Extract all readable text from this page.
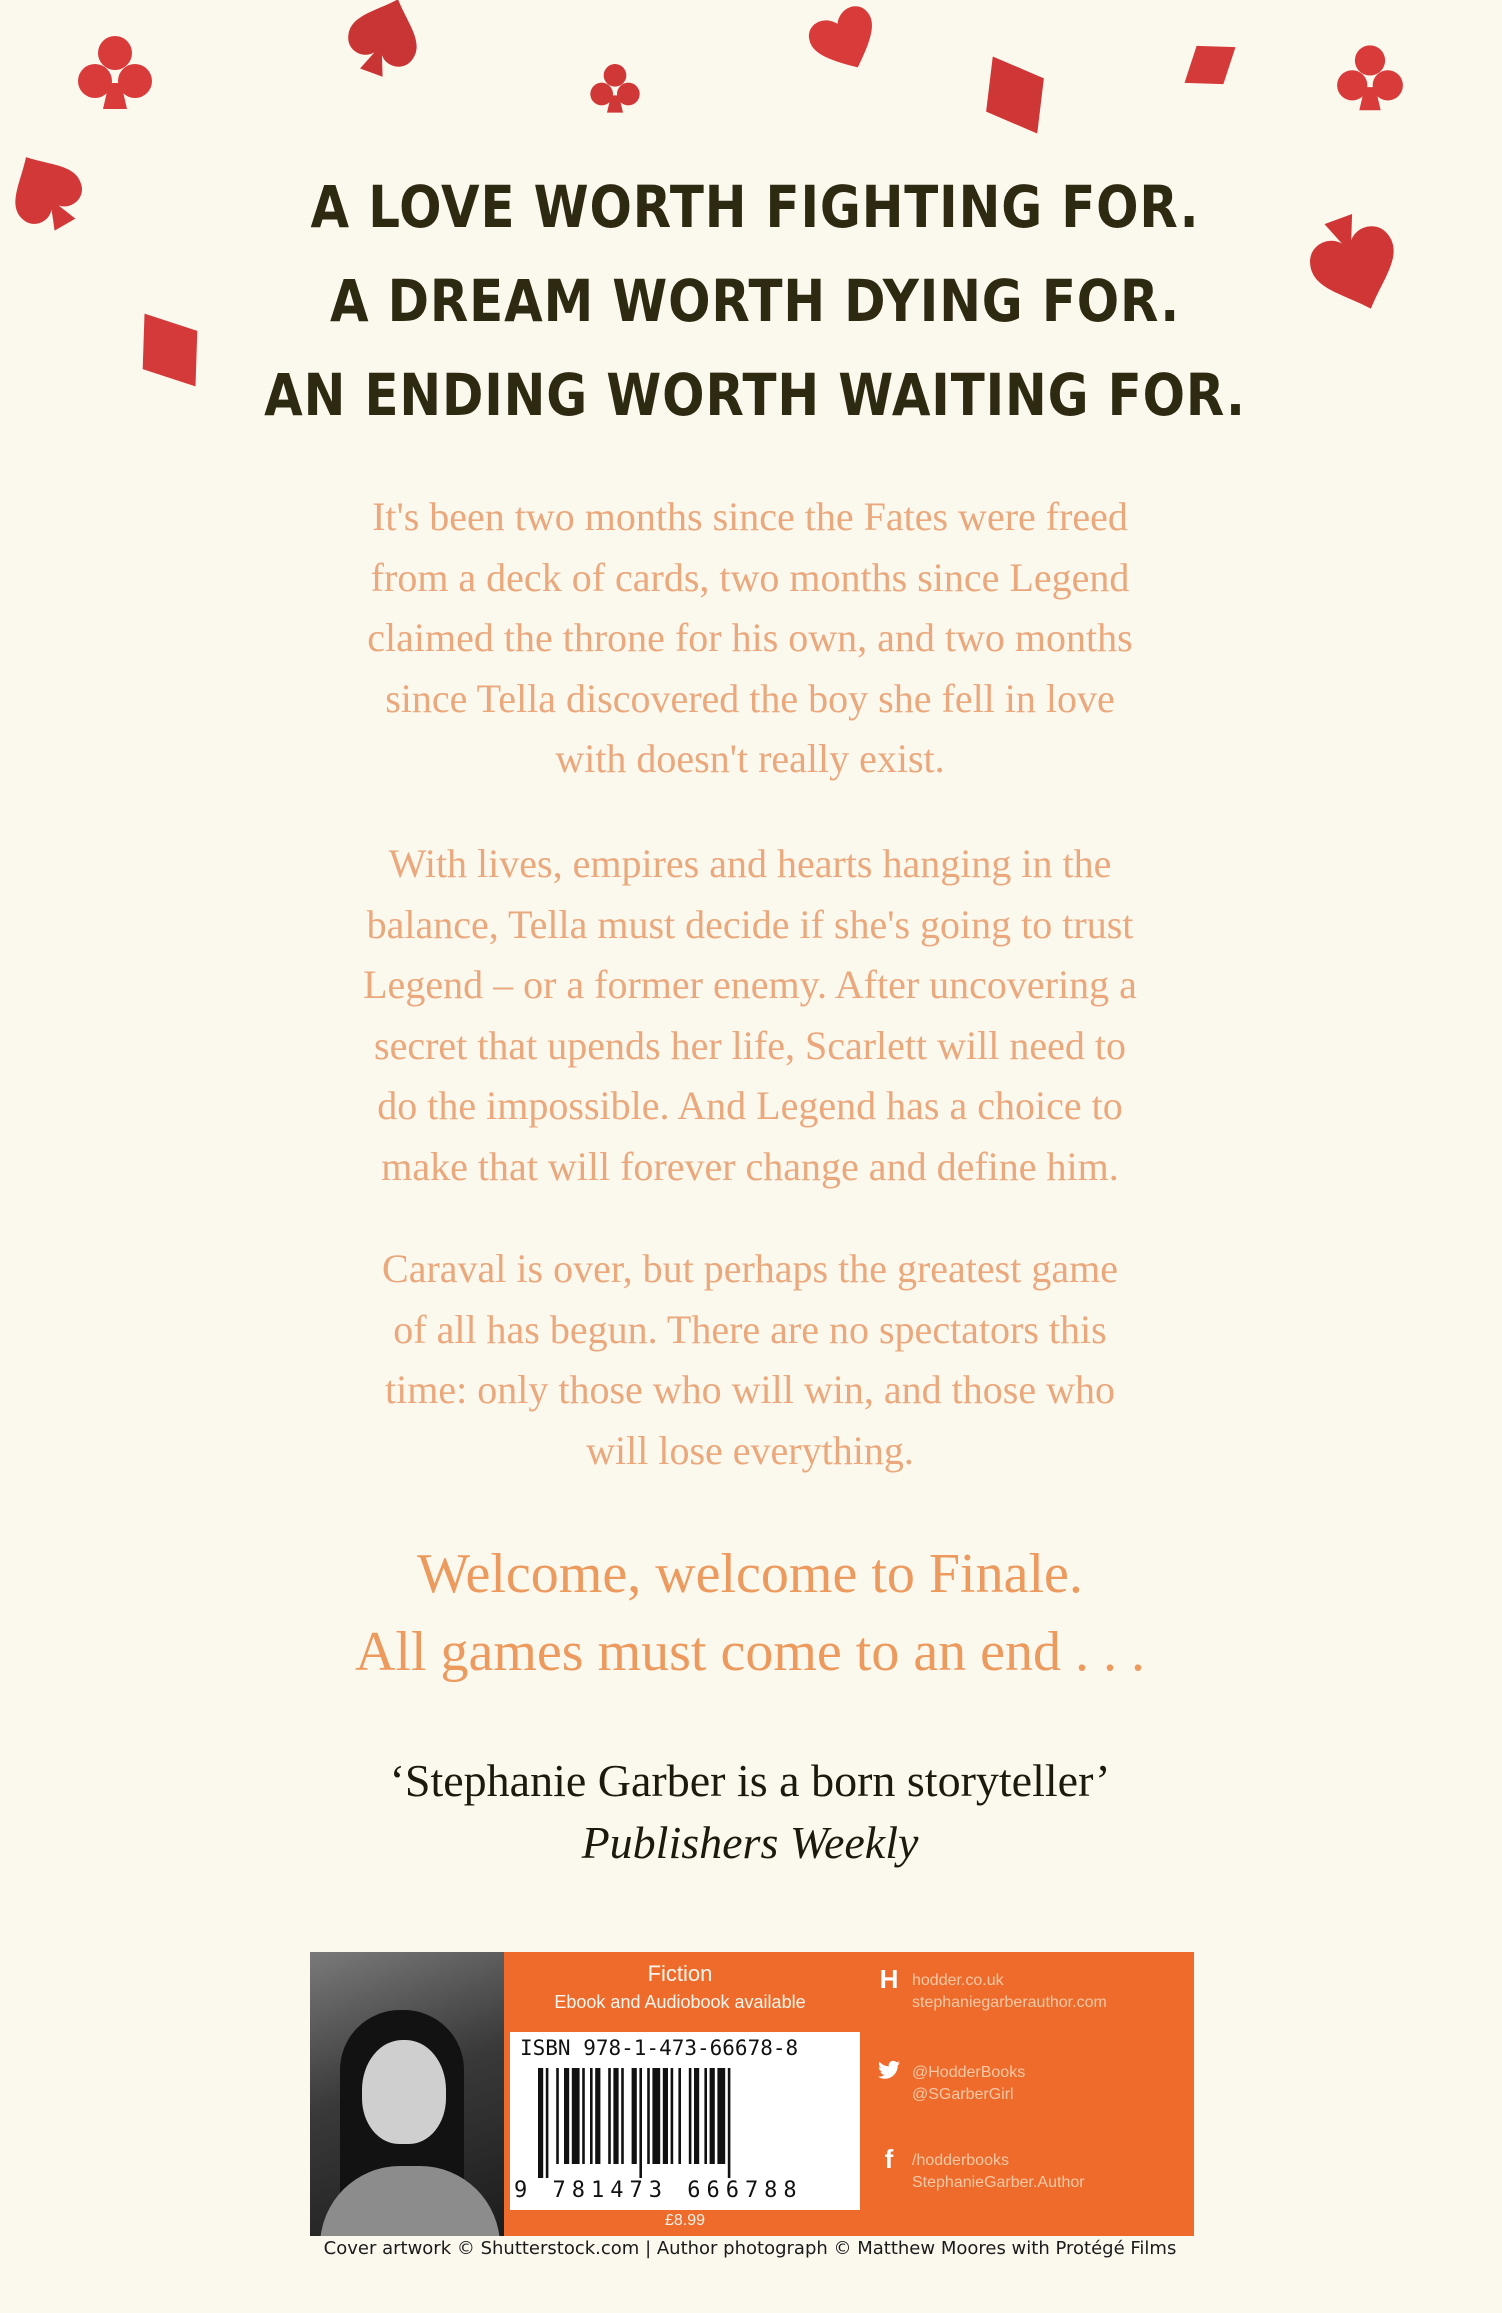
A LOVE WORTH FIGHTING FOR.
A DREAM WORTH DYING FOR.
AN ENDING WORTH WAITING FOR.
It's been two months since the Fates were freed
from a deck of cards, two months since Legend
claimed the throne for his own, and two months
since Tella discovered the boy she fell in love
with doesn't really exist.
With lives, empires and hearts hanging in the
balance, Tella must decide if she's going to trust
Legend – or a former enemy. After uncovering a
secret that upends her life, Scarlett will need to
do the impossible. And Legend has a choice to
make that will forever change and define him.
Caraval is over, but perhaps the greatest game
of all has begun. There are no spectators this
time: only those who will win, and those who
will lose everything.
Welcome, welcome to Finale.
All games must come to an end . . .
‘Stephanie Garber is a born storyteller’
Publishers Weekly
Fiction
Ebook and Audiobook available
ISBN 978-1-473-66678-8
9 781473 666788
£8.99
H hodder.co.uk
stephaniegarberauthor.com
@HodderBooks
@SGarberGirl
f	/hodderbooks
StephanieGarber.Author
Cover artwork © Shutterstock.com | Author photograph © Matthew Moores with Protégé Films
